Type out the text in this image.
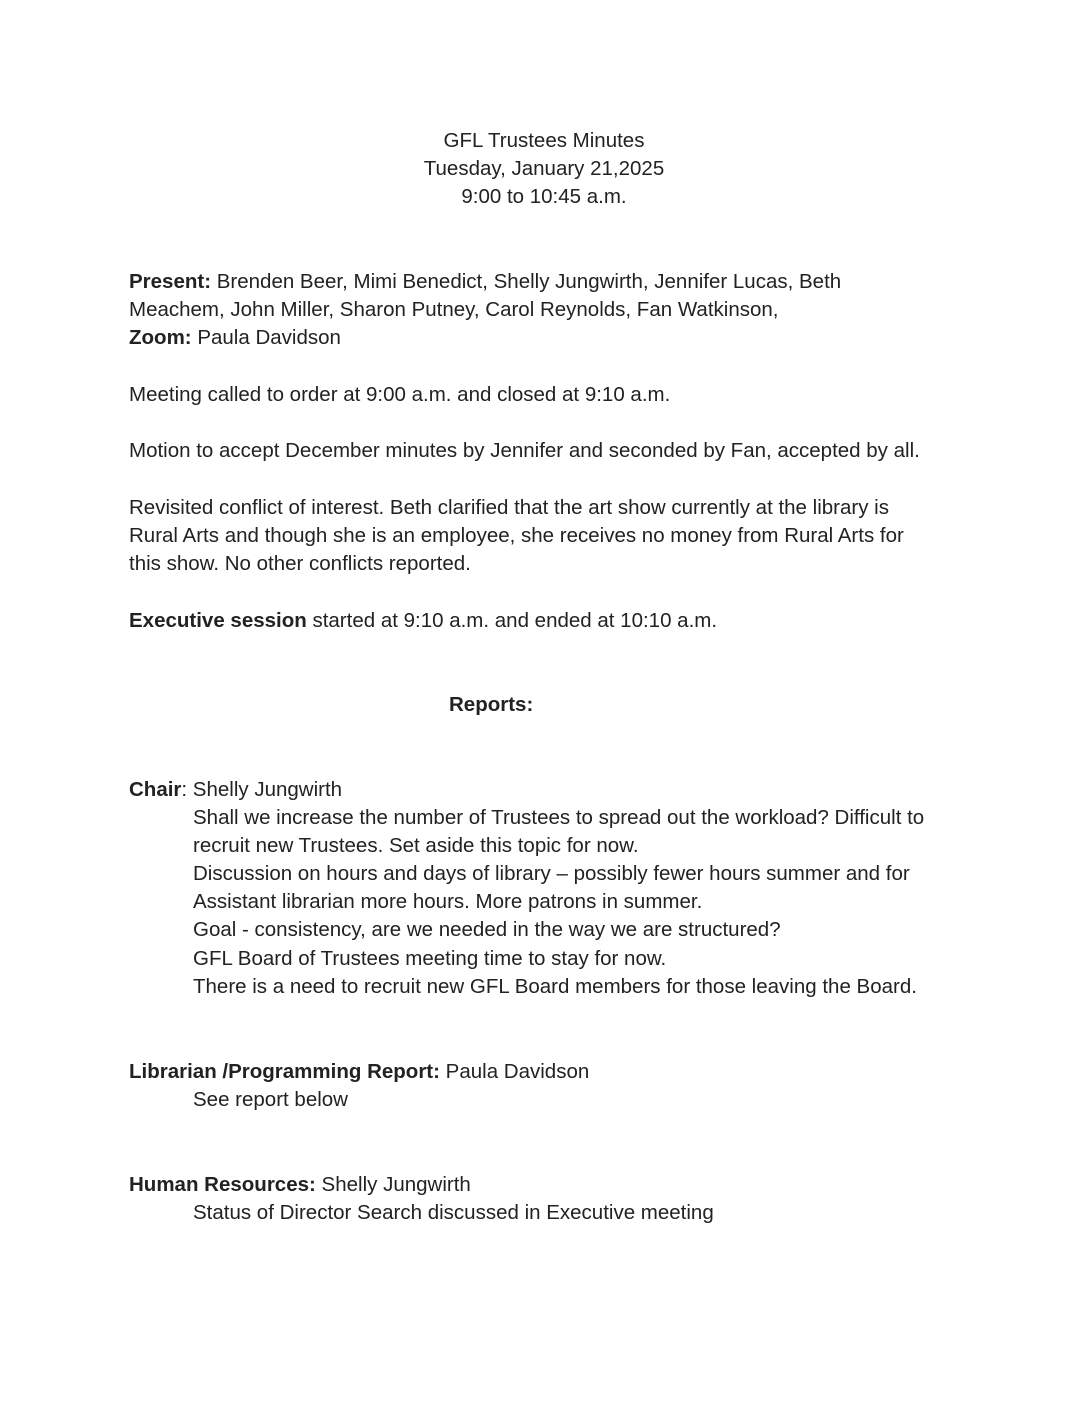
GFL Trustees Minutes
Tuesday, January 21,2025
9:00 to 10:45 a.m.
Present: Brenden Beer, Mimi Benedict, Shelly Jungwirth, Jennifer Lucas, Beth
Meachem, John Miller, Sharon Putney, Carol Reynolds, Fan Watkinson,
Zoom: Paula Davidson
Meeting called to order at 9:00 a.m. and closed at 9:10 a.m.
Motion to accept December minutes by Jennifer and seconded by Fan, accepted by all.
Revisited conflict of interest. Beth clarified that the art show currently at the library is
Rural Arts and though she is an employee, she receives no money from Rural Arts for
this show. No other conflicts reported.
Executive session started at 9:10 a.m. and ended at 10:10 a.m.
Reports:
Chair: Shelly Jungwirth
Shall we increase the number of Trustees to spread out the workload? Difficult to
recruit new Trustees. Set aside this topic for now.
Discussion on hours and days of library – possibly fewer hours summer and for
Assistant librarian more hours. More patrons in summer.
Goal - consistency, are we needed in the way we are structured?
GFL Board of Trustees meeting time to stay for now.
There is a need to recruit new GFL Board members for those leaving the Board.
Librarian /Programming Report: Paula Davidson
See report below
Human Resources: Shelly Jungwirth
Status of Director Search discussed in Executive meeting
